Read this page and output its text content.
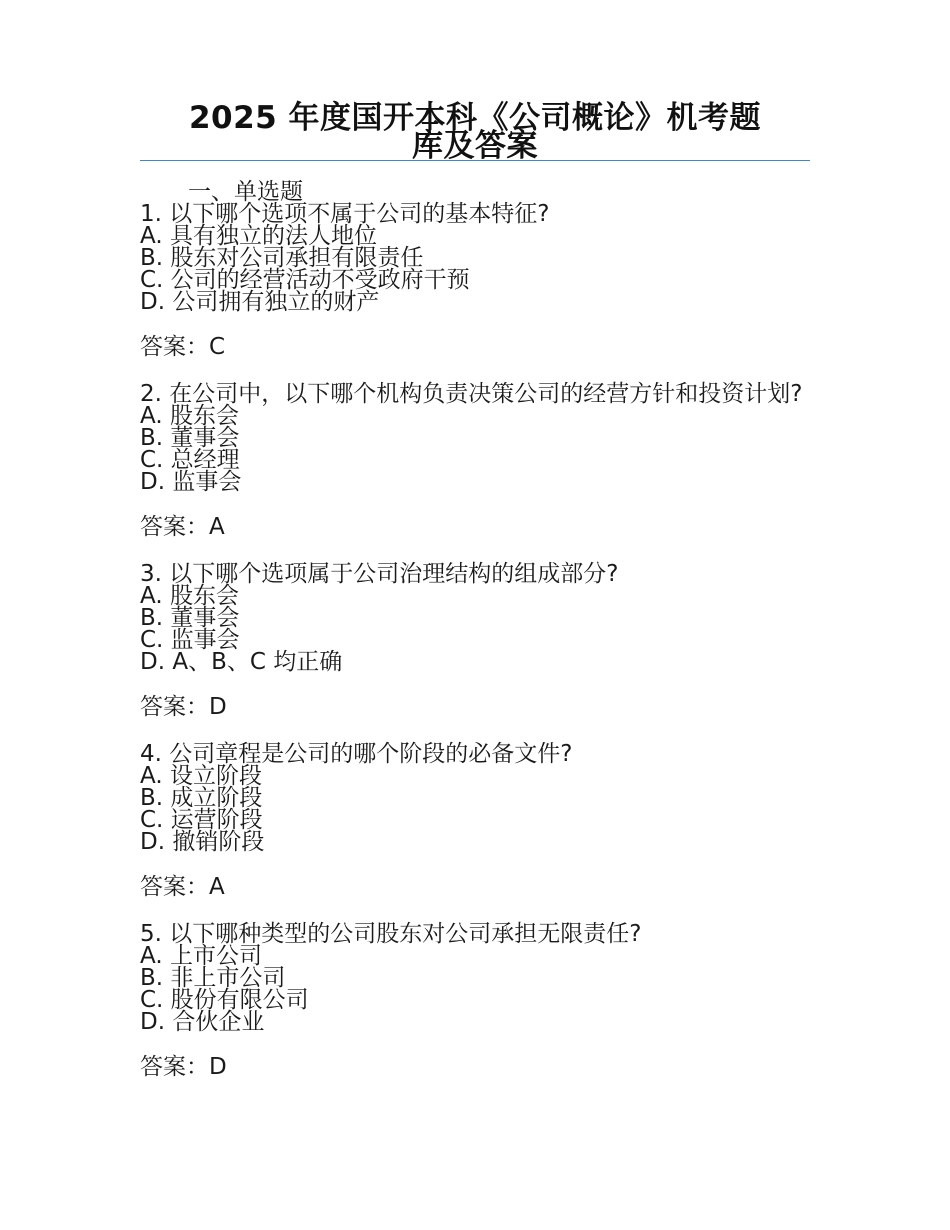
2025 年度国开本科《公司概论》机考题
库及答案
一、单选题
1. 以下哪个选项不属于公司的基本特征?
A. 具有独立的法人地位
B. 股东对公司承担有限责任
C. 公司的经营活动不受政府干预
D. 公司拥有独立的财产
答案：C
2. 在公司中，以下哪个机构负责决策公司的经营方针和投资计划?
A. 股东会
B. 董事会
C. 总经理
D. 监事会
答案：A
3. 以下哪个选项属于公司治理结构的组成部分?
A. 股东会
B. 董事会
C. 监事会
D. A、B、C 均正确
答案：D
4. 公司章程是公司的哪个阶段的必备文件?
A. 设立阶段
B. 成立阶段
C. 运营阶段
D. 撤销阶段
答案：A
5. 以下哪种类型的公司股东对公司承担无限责任?
A. 上市公司
B. 非上市公司
C. 股份有限公司
D. 合伙企业
答案：D
